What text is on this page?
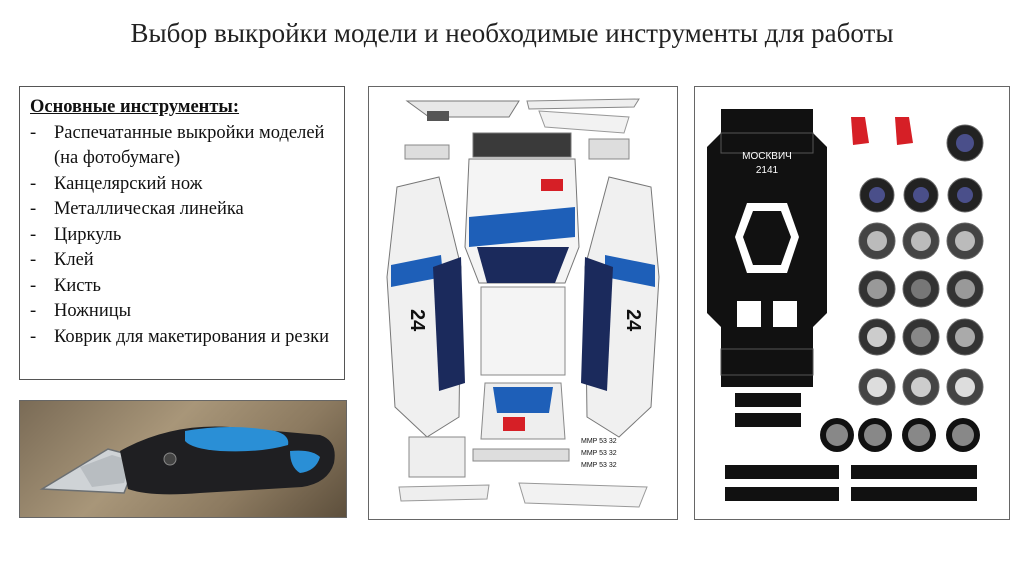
Выбор выкройки модели и необходимые инструменты для работы
Основные инструменты:
- Распечатанные выкройки моделей (на фотобумаге)
- Канцелярский нож
- Металлическая линейка
- Циркуль
- Клей
- Кисть
- Ножницы
- Коврик для макетирования и резки
24	24
MMP 53 32
MMP 53 32
MMP 53 32
МОСКВИЧ
2141
